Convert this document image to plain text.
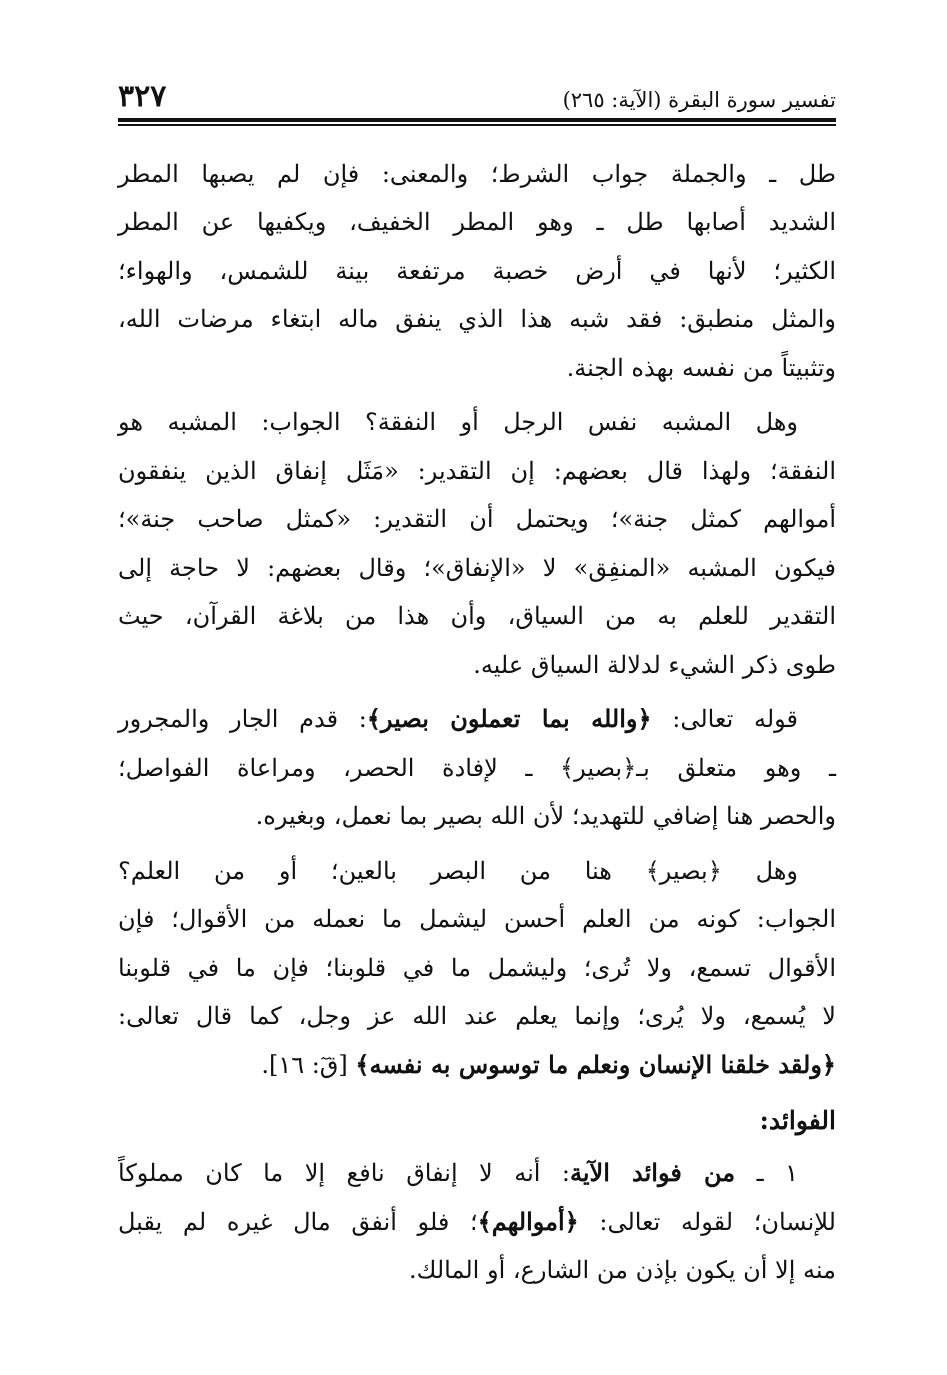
تفسير سورة البقرة (الآية: ٢٦٥)
٣٢٧
طل ـ والجملة جواب الشرط؛ والمعنى: فإن لم يصبها المطر
الشديد أصابها طل ـ وهو المطر الخفيف، ويكفيها عن المطر
الكثير؛ لأنها في أرض خصبة مرتفعة بينة للشمس، والهواء؛
والمثل منطبق: فقد شبه هذا الذي ينفق ماله ابتغاء مرضات الله،
وتثبيتاً من نفسه بهذه الجنة.
وهل المشبه نفس الرجل أو النفقة؟ الجواب: المشبه هو
النفقة؛ ولهذا قال بعضهم: إن التقدير: «مَثَل إنفاق الذين ينفقون
أموالهم كمثل جنة»؛ ويحتمل أن التقدير: «كمثل صاحب جنة»؛
فيكون المشبه «المنفِق» لا «الإنفاق»؛ وقال بعضهم: لا حاجة إلى
التقدير للعلم به من السياق، وأن هذا من بلاغة القرآن، حيث
طوى ذكر الشيء لدلالة السياق عليه.
قوله تعالى: ﴿والله بما تعملون بصير﴾: قدم الجار والمجرور
ـ وهو متعلق بـ﴿بصير﴾ ـ لإفادة الحصر، ومراعاة الفواصل؛
والحصر هنا إضافي للتهديد؛ لأن الله بصير بما نعمل، وبغيره.
وهل ﴿بصير﴾ هنا من البصر بالعين؛ أو من العلم؟
الجواب: كونه من العلم أحسن ليشمل ما نعمله من الأقوال؛ فإن
الأقوال تسمع، ولا تُرى؛ وليشمل ما في قلوبنا؛ فإن ما في قلوبنا
لا يُسمع، ولا يُرى؛ وإنما يعلم عند الله عز وجل، كما قال تعالى:
﴿ولقد خلقنا الإنسان ونعلم ما توسوس به نفسه﴾ [قٓ: ١٦].
الفوائد:
١ ـ من فوائد الآية: أنه لا إنفاق نافع إلا ما كان مملوكاً
للإنسان؛ لقوله تعالى: ﴿أموالهم﴾؛ فلو أنفق مال غيره لم يقبل
منه إلا أن يكون بإذن من الشارع، أو المالك.
